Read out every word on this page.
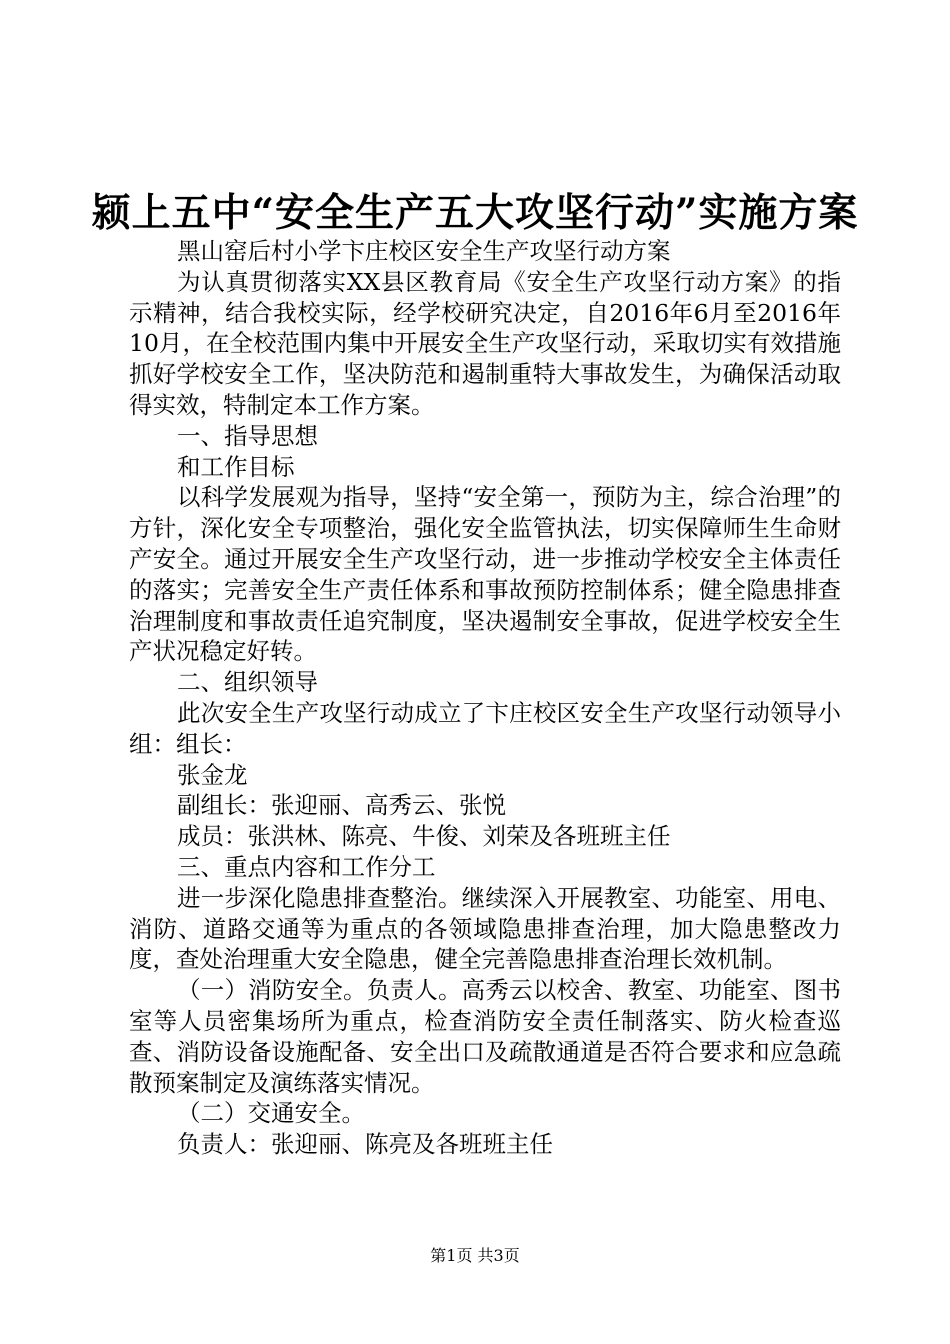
颍上五中“安全生产五大攻坚行动”实施方案

黑山窑后村小学卞庄校区安全生产攻坚行动方案

为认真贯彻落实XX县区教育局《安全生产攻坚行动方案》的指示精神，结合我校实际，经学校研究决定，自2016年6月至2016年10月，在全校范围内集中开展安全生产攻坚行动，采取切实有效措施抓好学校安全工作，坚决防范和遏制重特大事故发生，为确保活动取得实效，特制定本工作方案。

一、指导思想

和工作目标

以科学发展观为指导，坚持“安全第一，预防为主，综合治理”的方针，深化安全专项整治，强化安全监管执法，切实保障师生生命财产安全。通过开展安全生产攻坚行动，进一步推动学校安全主体责任的落实；完善安全生产责任体系和事故预防控制体系；健全隐患排查治理制度和事故责任追究制度，坚决遏制安全事故，促进学校安全生产状况稳定好转。

二、组织领导

此次安全生产攻坚行动成立了卞庄校区安全生产攻坚行动领导小组：组长：

张金龙

副组长：张迎丽、高秀云、张悦

成员：张洪林、陈亮、牛俊、刘荣及各班班主任

三、重点内容和工作分工

进一步深化隐患排查整治。继续深入开展教室、功能室、用电、消防、道路交通等为重点的各领域隐患排查治理，加大隐患整改力度，查处治理重大安全隐患，健全完善隐患排查治理长效机制。

（一）消防安全。负责人。高秀云以校舍、教室、功能室、图书室等人员密集场所为重点，检查消防安全责任制落实、防火检查巡查、消防设备设施配备、安全出口及疏散通道是否符合要求和应急疏散预案制定及演练落实情况。

（二）交通安全。

负责人：张迎丽、陈亮及各班班主任

第1页 共3页
